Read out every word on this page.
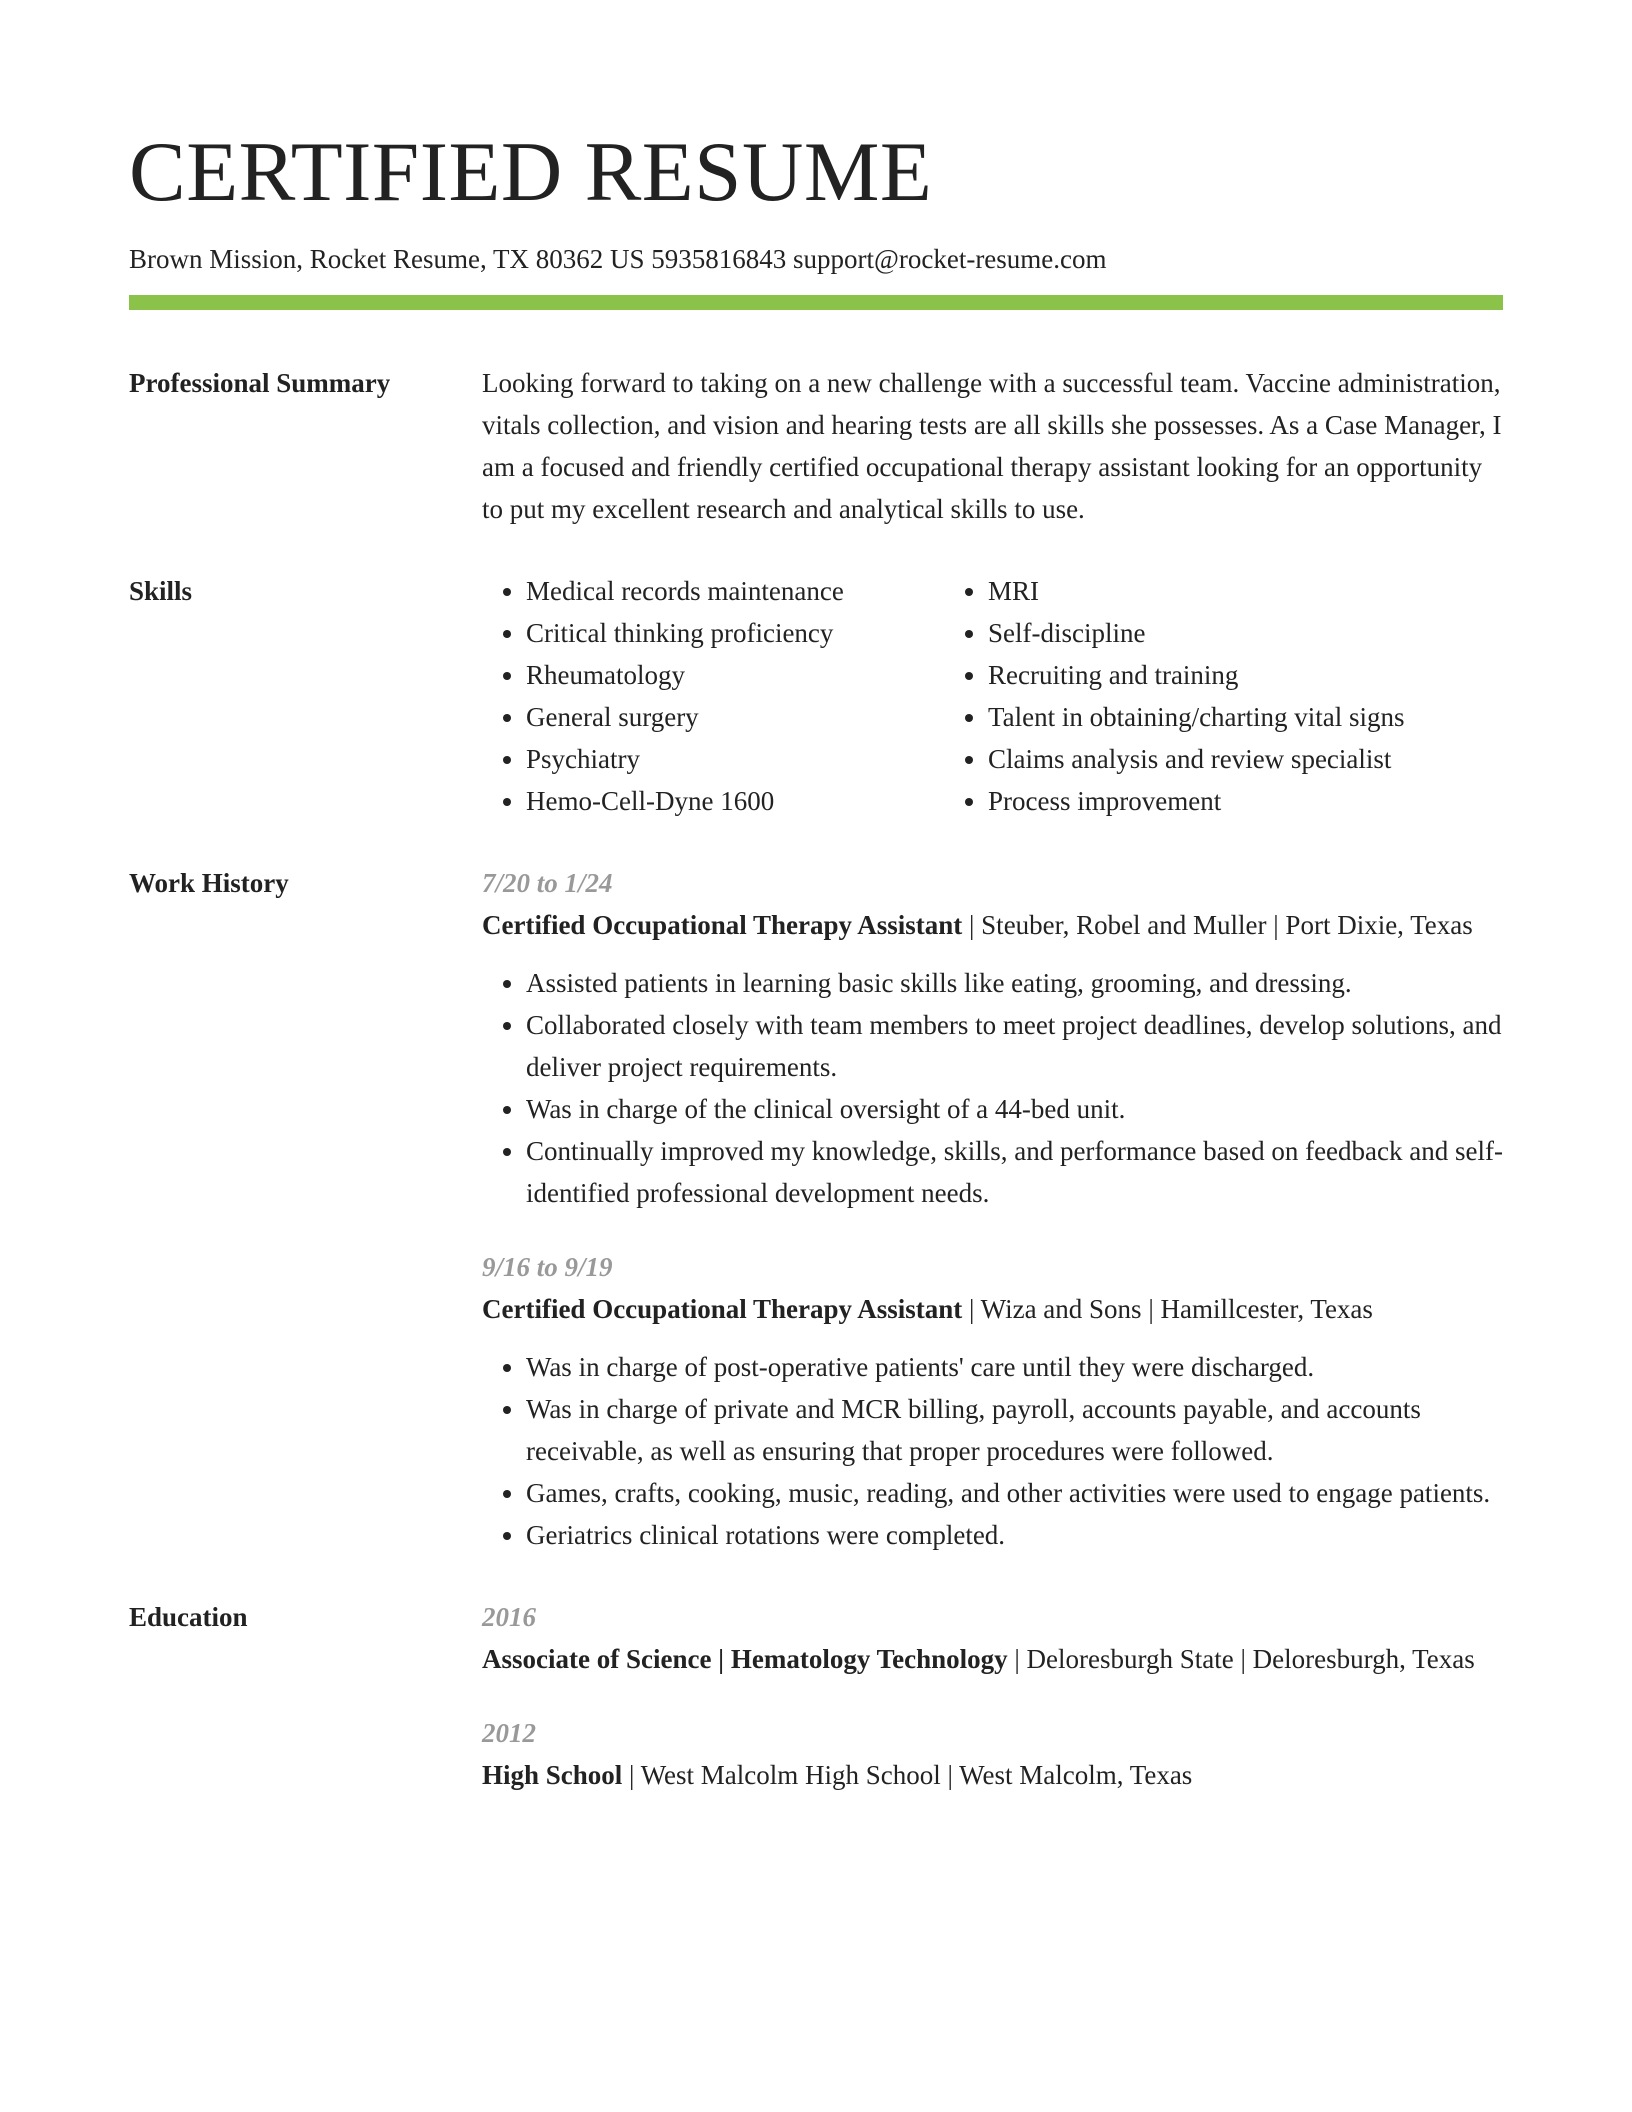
CERTIFIED RESUME
Brown Mission, Rocket Resume, TX 80362 US 5935816843 support@rocket-resume.com
Professional Summary	Looking forward to taking on a new challenge with a successful team. Vaccine administration, vitals collection, and vision and hearing tests are all skills she possesses. As a Case Manager, I am a focused and friendly certified occupational therapy assistant looking for an opportunity to put my excellent research and analytical skills to use.

Skills
•	Medical records maintenance
• Critical thinking proficiency
• Rheumatology
• General surgery
• Psychiatry
• Hemo-Cell-Dyne 1600
• MRI
• Self-discipline
• Recruiting and training
• Talent in obtaining/charting vital signs
• Claims analysis and review specialist
• Process improvement
Work History	7/20 to 1/24
Certified Occupational Therapy Assistant | Steuber, Robel and Muller | Port Dixie, Texas
• Assisted patients in learning basic skills like eating, grooming, and dressing.
• Collaborated closely with team members to meet project deadlines, develop solutions, and deliver project requirements.
• Was in charge of the clinical oversight of a 44-bed unit.
• Continually improved my knowledge, skills, and performance based on feedback and self-identified professional development needs.
9/16 to 9/19
Certified Occupational Therapy Assistant | Wiza and Sons | Hamillcester, Texas
• Was in charge of post-operative patients' care until they were discharged.
• Was in charge of private and MCR billing, payroll, accounts payable, and accounts receivable, as well as ensuring that proper procedures were followed.
• Games, crafts, cooking, music, reading, and other activities were used to engage patients.
• Geriatrics clinical rotations were completed.
Education	2016
Associate of Science | Hematology Technology | Deloresburgh State | Deloresburgh, Texas
2012
High School | West Malcolm High School | West Malcolm, Texas
